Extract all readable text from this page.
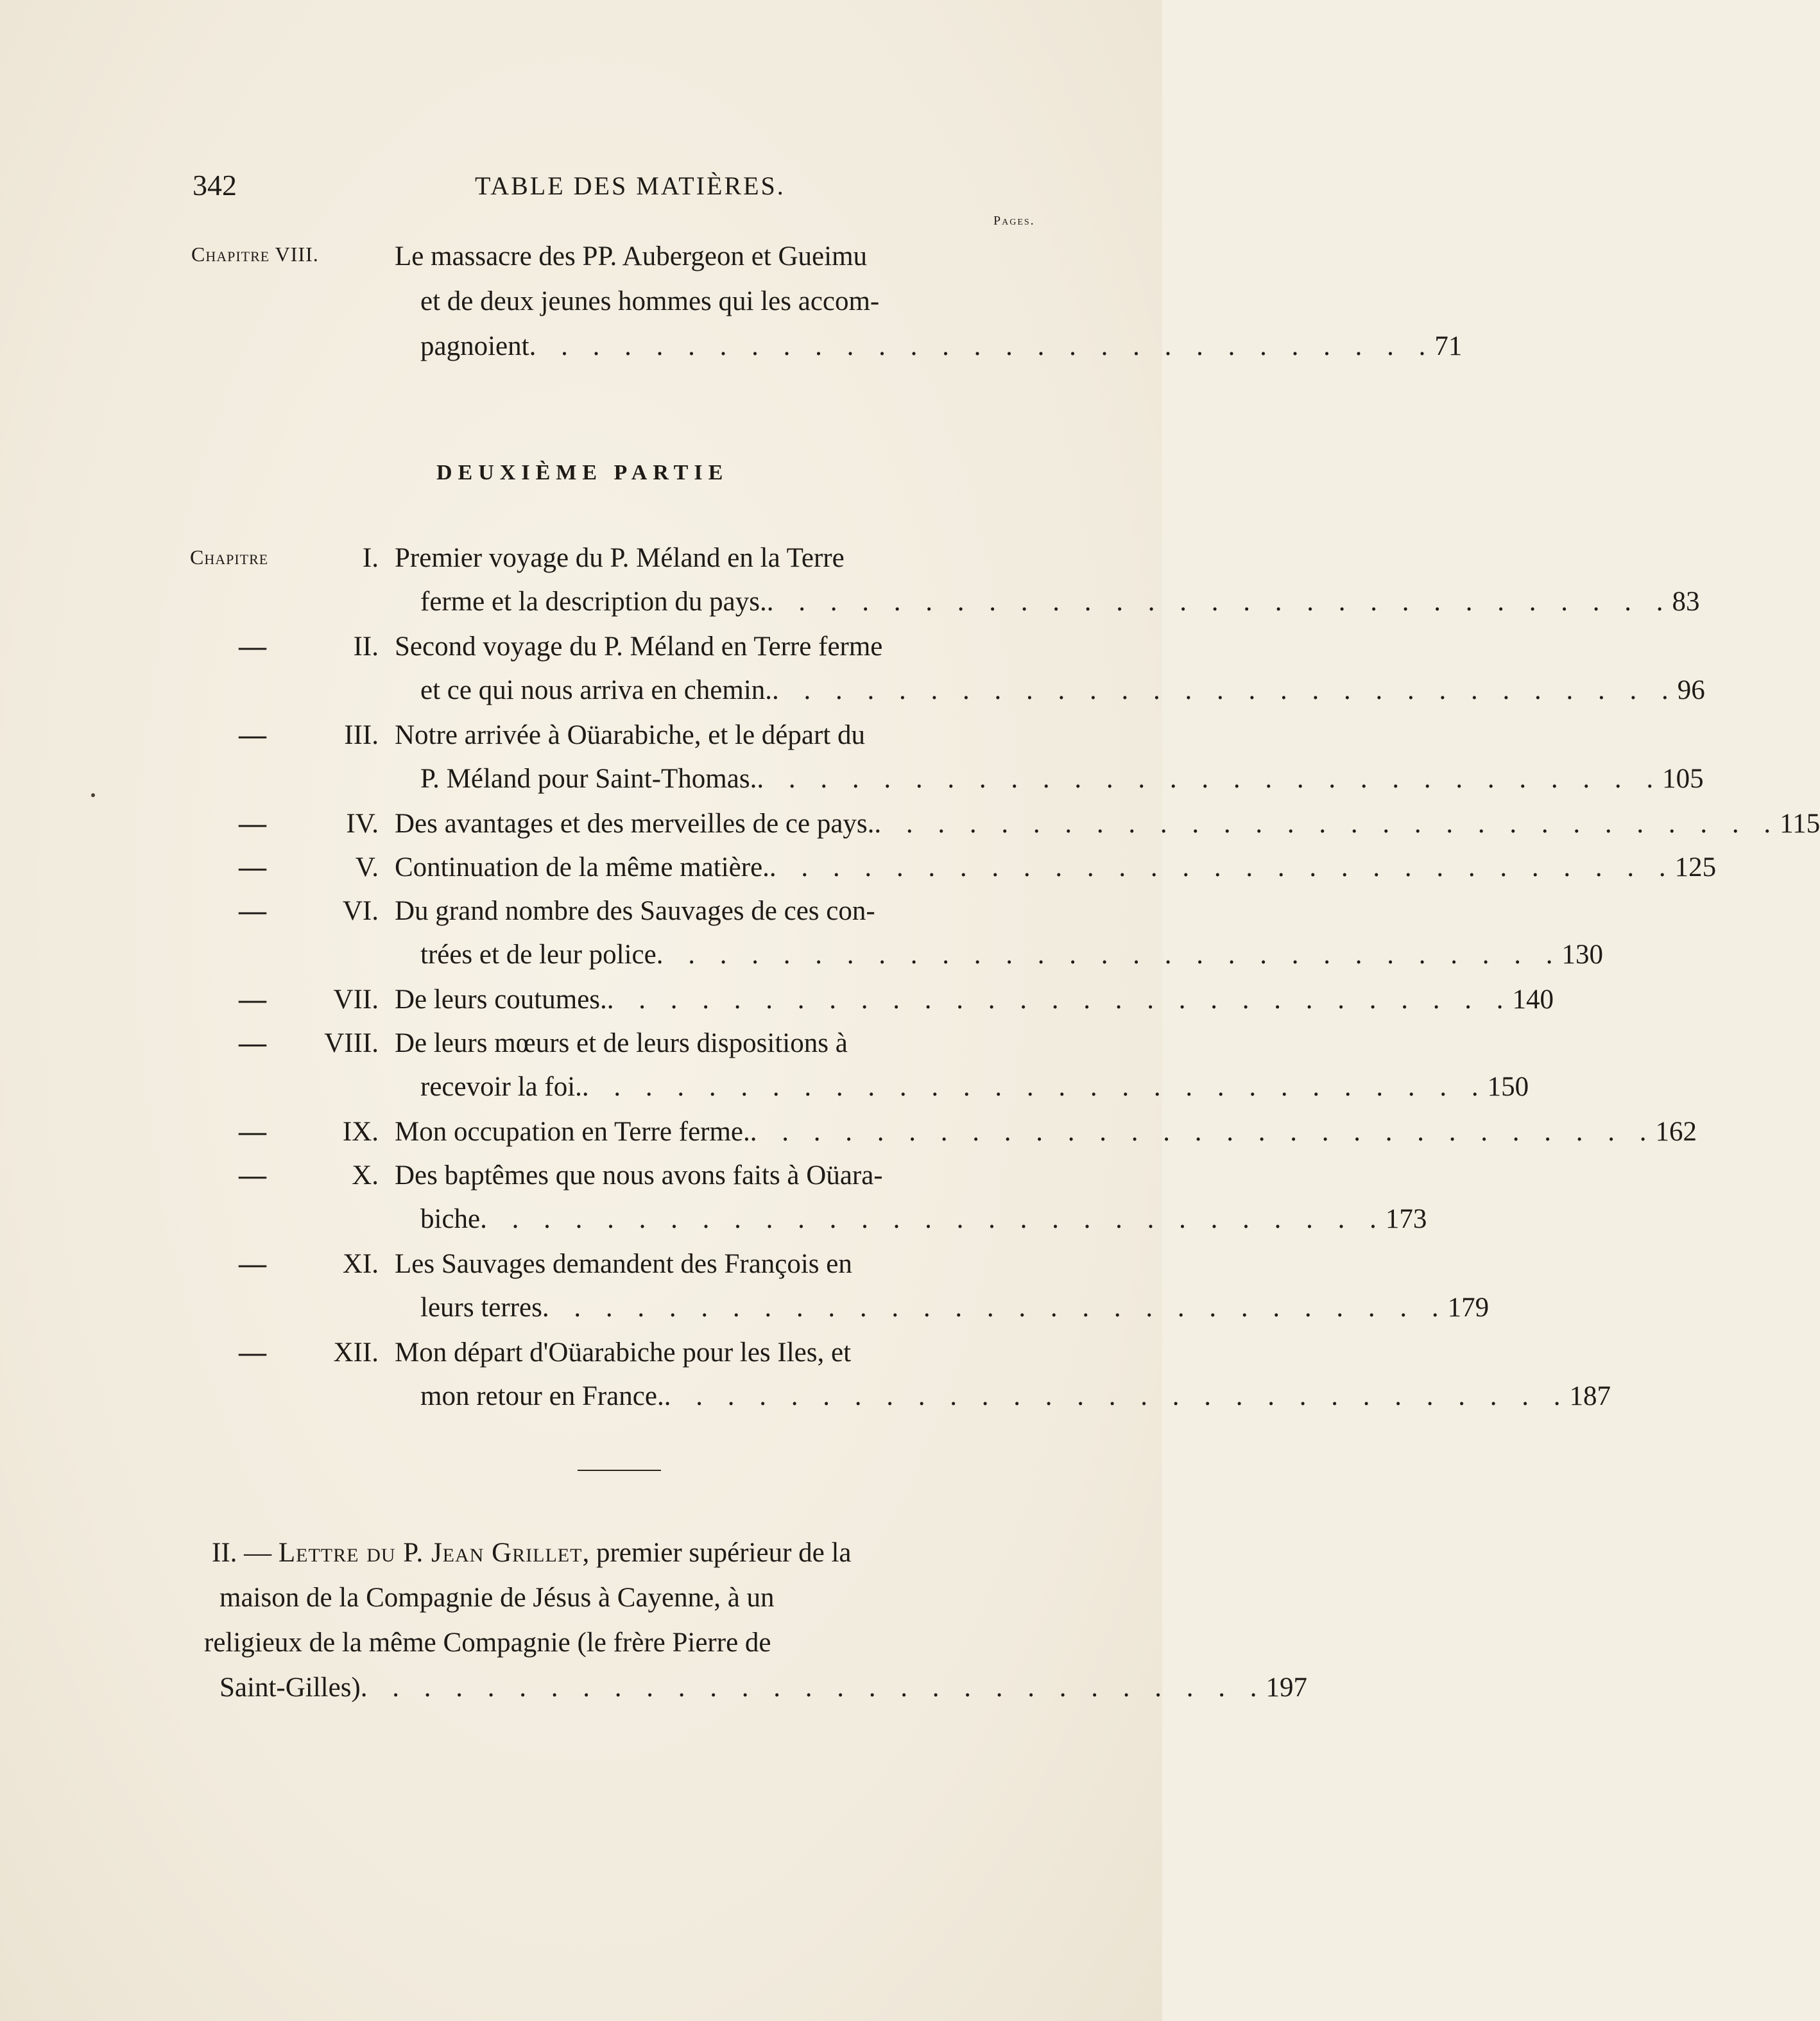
342	TABLE DES MATIÈRES.
Pages.
Chapitre VIII.	Le massacre des PP. Aubergeon et Gueimu
et de deux jeunes hommes qui les accom-
pagnoient . . . . . . . . . . . . . . . . . . . . . . . . . . . . . 71
DEUXIÈME PARTIE
Chapitre	I. Premier voyage du P. Méland en la Terre
ferme et la description du pays. . . . . . . . . . . . . . . . . . . . . . . . . . . . . . 83
—	II. Second voyage du P. Méland en Terre ferme
et ce qui nous arriva en chemin. . . . . . . . . . . . . . . . . . . . . . . . . . . . . . 96
—	III. Notre arrivée à Oüarabiche, et le départ du
P. Méland pour Saint-Thomas. . . . . . . . . . . . . . . . . . . . . . . . . . . . . . 105
—	IV. Des avantages et des merveilles de ce pays. . . . . . . . . . . . . . . . . . . . . . . . . . . . . . 115
—	V. Continuation de la même matière. . . . . . . . . . . . . . . . . . . . . . . . . . . . . . 125
—	VI. Du grand nombre des Sauvages de ces con-
trées et de leur police . . . . . . . . . . . . . . . . . . . . . . . . . . . . . 130
—	VII. De leurs coutumes. . . . . . . . . . . . . . . . . . . . . . . . . . . . . . 140
—	VIII. De leurs mœurs et de leurs dispositions à
recevoir la foi. . . . . . . . . . . . . . . . . . . . . . . . . . . . . . 150
—	IX. Mon occupation en Terre ferme. . . . . . . . . . . . . . . . . . . . . . . . . . . . . . 162
—	X. Des baptêmes que nous avons faits à Oüara-
biche . . . . . . . . . . . . . . . . . . . . . . . . . . . . . 173
—	XI. Les Sauvages demandent des François en
leurs terres . . . . . . . . . . . . . . . . . . . . . . . . . . . . . 179
—	XII. Mon départ d'Oüarabiche pour les Iles, et
mon retour en France. . . . . . . . . . . . . . . . . . . . . . . . . . . . . . 187
II. — Lettre du P. Jean Grillet, premier supérieur de la
maison de la Compagnie de Jésus à Cayenne, à un
religieux de la même Compagnie (le frère Pierre de
Saint-Gilles) . . . . . . . . . . . . . . . . . . . . . . . . . . . . . 197
